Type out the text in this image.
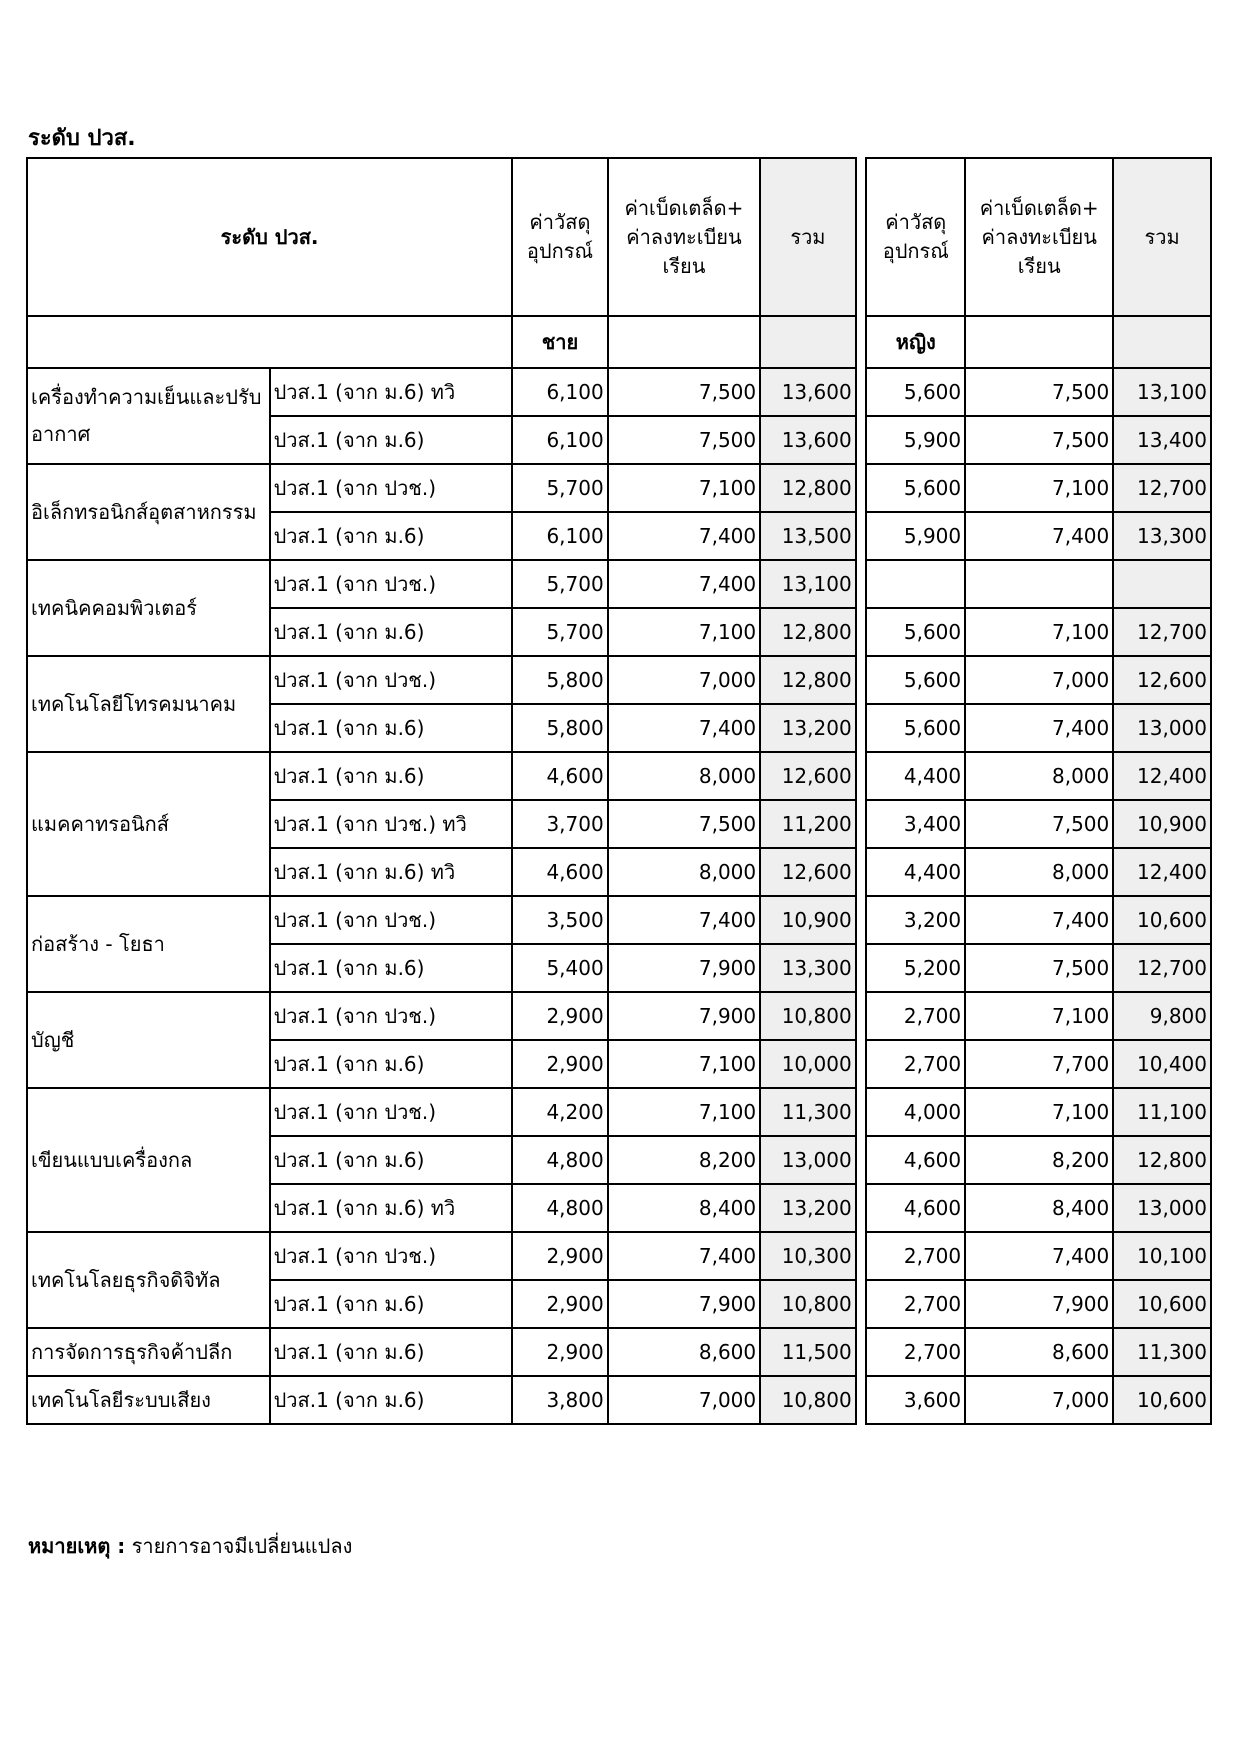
ระดับ ปวส.
ระดับ ปวส.		ค่าวัสดุ
อุปกรณ์	ค่าเบ็ดเตล็ด+
ค่าลงทะเบียน
เรียน	รวม		ค่าวัสดุ
อุปกรณ์	ค่าเบ็ดเตล็ด+
ค่าลงทะเบียน
เรียน	รวม
		ชาย				หญิง		
เครื่องทำความเย็นและปรับอากาศ	ปวส.1 (จาก ม.6) ทวิ	6,100	7,500	13,600		5,600	7,500	13,100
	ปวส.1 (จาก ม.6)	6,100	7,500	13,600		5,900	7,500	13,400
อิเล็กทรอนิกส์อุตสาหกรรม	ปวส.1 (จาก ปวช.)	5,700	7,100	12,800		5,600	7,100	12,700
	ปวส.1 (จาก ม.6)	6,100	7,400	13,500		5,900	7,400	13,300
เทคนิคคอมพิวเตอร์	ปวส.1 (จาก ปวช.)	5,700	7,400	13,100				
	ปวส.1 (จาก ม.6)	5,700	7,100	12,800		5,600	7,100	12,700
เทคโนโลยีโทรคมนาคม	ปวส.1 (จาก ปวช.)	5,800	7,000	12,800		5,600	7,000	12,600
	ปวส.1 (จาก ม.6)	5,800	7,400	13,200		5,600	7,400	13,000
แมคคาทรอนิกส์	ปวส.1 (จาก ม.6)	4,600	8,000	12,600		4,400	8,000	12,400
	ปวส.1 (จาก ปวช.) ทวิ	3,700	7,500	11,200		3,400	7,500	10,900
	ปวส.1 (จาก ม.6) ทวิ	4,600	8,000	12,600		4,400	8,000	12,400
ก่อสร้าง - โยธา	ปวส.1 (จาก ปวช.)	3,500	7,400	10,900		3,200	7,400	10,600
	ปวส.1 (จาก ม.6)	5,400	7,900	13,300		5,200	7,500	12,700
บัญชี	ปวส.1 (จาก ปวช.)	2,900	7,900	10,800		2,700	7,100	9,800
	ปวส.1 (จาก ม.6)	2,900	7,100	10,000		2,700	7,700	10,400
เขียนแบบเครื่องกล	ปวส.1 (จาก ปวช.)	4,200	7,100	11,300		4,000	7,100	11,100
	ปวส.1 (จาก ม.6)	4,800	8,200	13,000		4,600	8,200	12,800
	ปวส.1 (จาก ม.6) ทวิ	4,800	8,400	13,200		4,600	8,400	13,000
เทคโนโลยธุรกิจดิจิทัล	ปวส.1 (จาก ปวช.)	2,900	7,400	10,300		2,700	7,400	10,100
	ปวส.1 (จาก ม.6)	2,900	7,900	10,800		2,700	7,900	10,600
การจัดการธุรกิจค้าปลีก	ปวส.1 (จาก ม.6)	2,900	8,600	11,500		2,700	8,600	11,300
เทคโนโลยีระบบเสียง	ปวส.1 (จาก ม.6)	3,800	7,000	10,800		3,600	7,000	10,600
หมายเหตุ : รายการอาจมีเปลี่ยนแปลง
